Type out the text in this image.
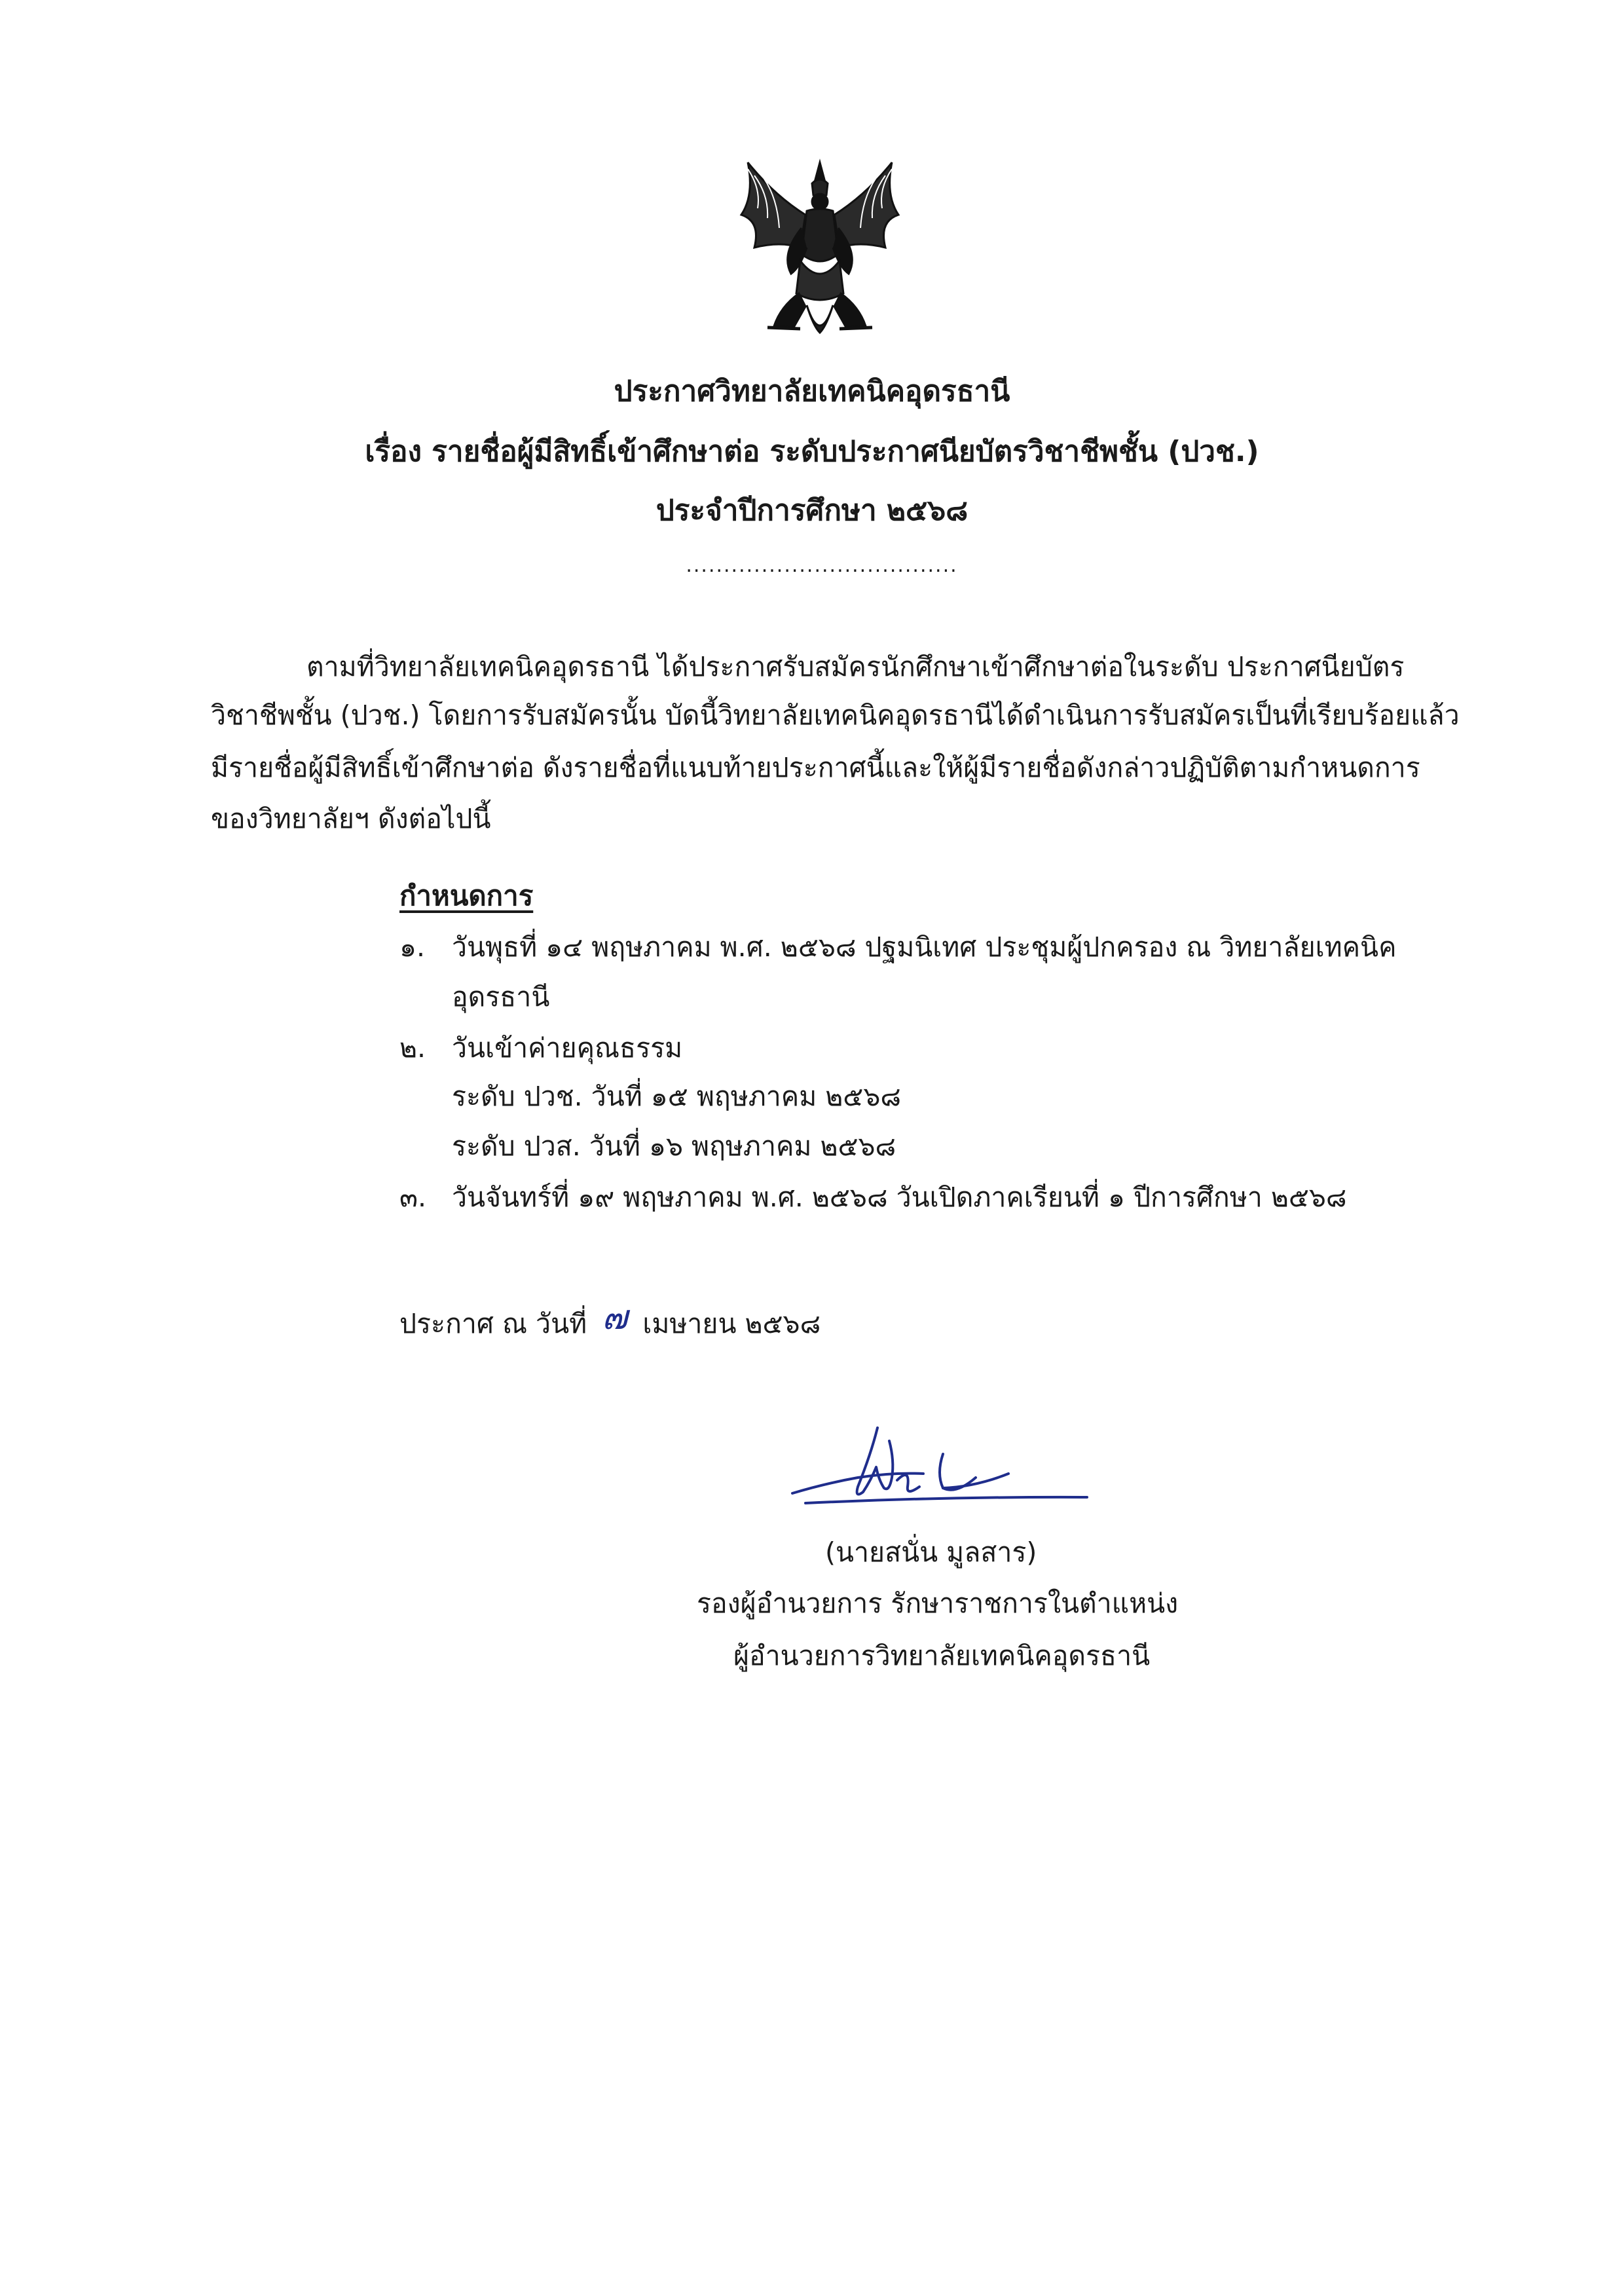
ประกาศวิทยาลัยเทคนิคอุดรธานี
เรื่อง รายชื่อผู้มีสิทธิ์เข้าศึกษาต่อ ระดับประกาศนียบัตรวิชาชีพชั้น (ปวช.)
ประจำปีการศึกษา ๒๕๖๘
....................................
ตามที่วิทยาลัยเทคนิคอุดรธานี ได้ประกาศรับสมัครนักศึกษาเข้าศึกษาต่อในระดับ ประกาศนียบัตร
วิชาชีพชั้น (ปวช.) โดยการรับสมัครนั้น บัดนี้วิทยาลัยเทคนิคอุดรธานีได้ดำเนินการรับสมัครเป็นที่เรียบร้อยแล้ว
มีรายชื่อผู้มีสิทธิ์เข้าศึกษาต่อ ดังรายชื่อที่แนบท้ายประกาศนี้และให้ผู้มีรายชื่อดังกล่าวปฏิบัติตามกำหนดการ
ของวิทยาลัยฯ ดังต่อไปนี้
กำหนดการ
๑. วันพุธที่ ๑๔ พฤษภาคม พ.ศ. ๒๕๖๘ ปฐมนิเทศ ประชุมผู้ปกครอง ณ วิทยาลัยเทคนิค
อุดรธานี
๒. วันเข้าค่ายคุณธรรม
ระดับ ปวช. วันที่ ๑๕ พฤษภาคม ๒๕๖๘
ระดับ ปวส. วันที่ ๑๖ พฤษภาคม ๒๕๖๘
๓. วันจันทร์ที่ ๑๙ พฤษภาคม พ.ศ. ๒๕๖๘ วันเปิดภาคเรียนที่ ๑ ปีการศึกษา ๒๕๖๘
ประกาศ ณ วันที่ ๗ เมษายน ๒๕๖๘
(นายสนั่น มูลสาร)
รองผู้อำนวยการ รักษาราชการในตำแหน่ง
ผู้อำนวยการวิทยาลัยเทคนิคอุดรธานี
